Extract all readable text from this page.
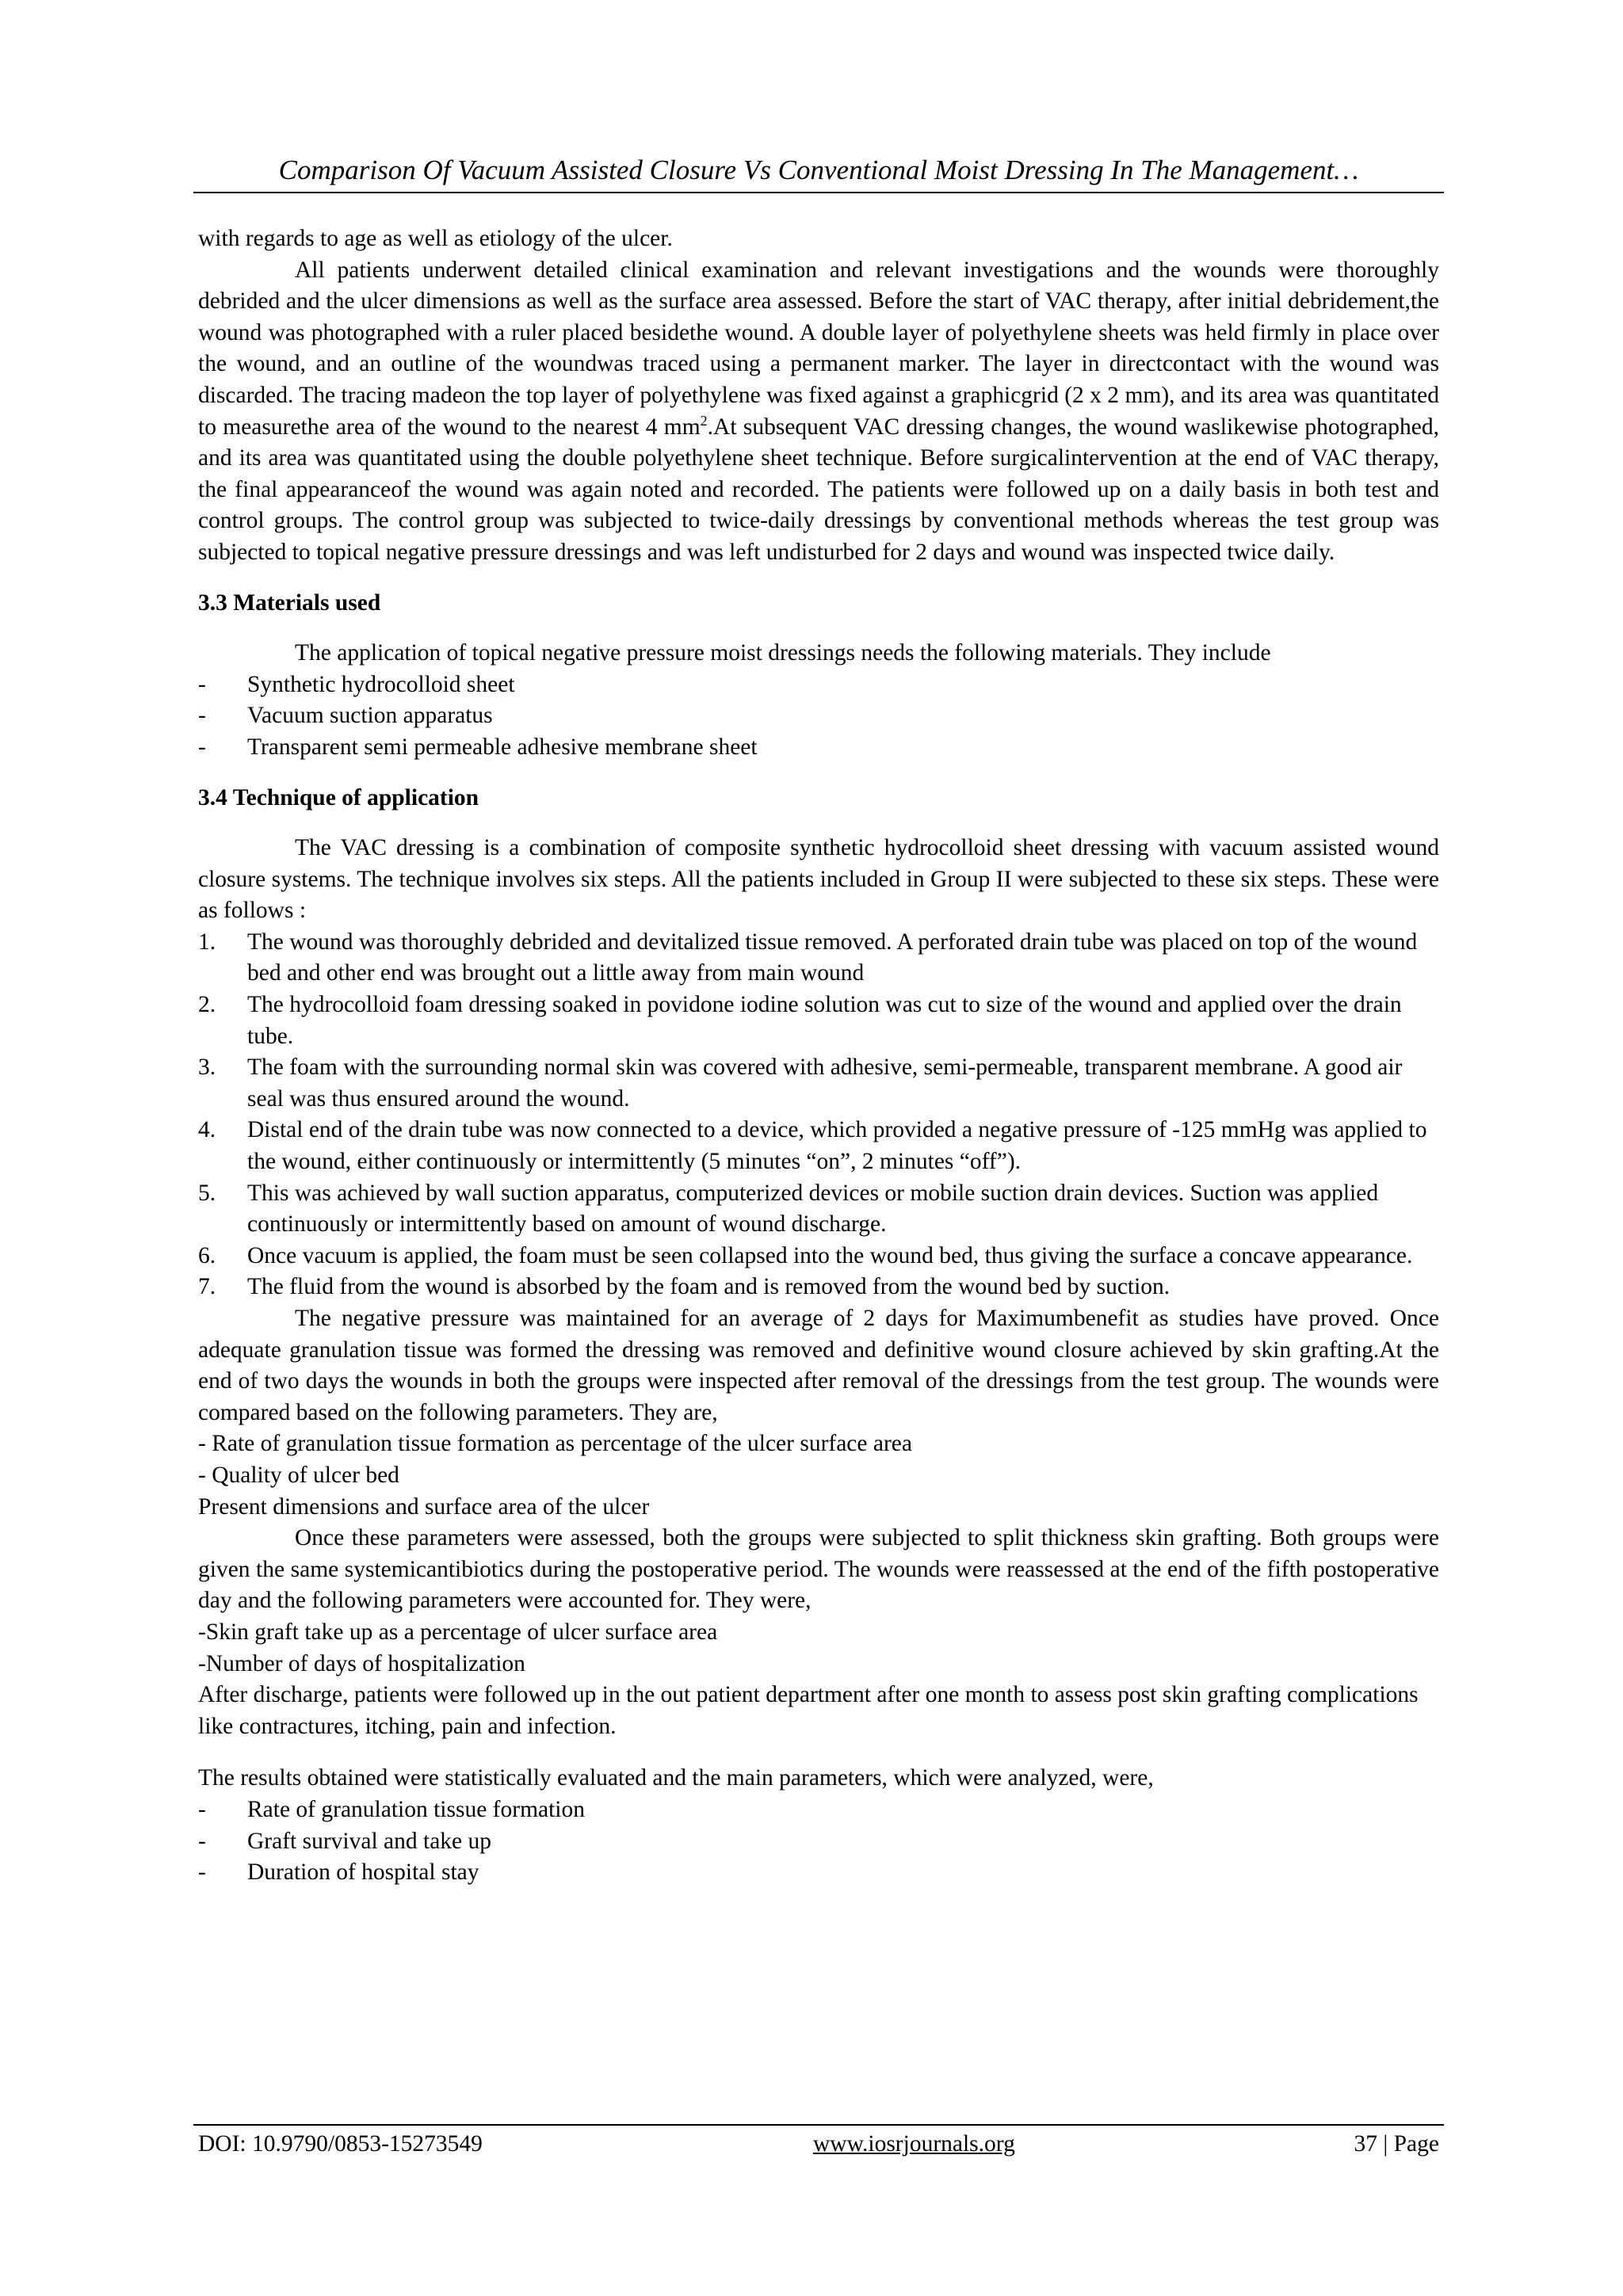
Comparison Of Vacuum Assisted Closure Vs Conventional Moist Dressing In The Management…

with regards to age as well as etiology of the ulcer.

All patients underwent detailed clinical examination and relevant investigations and the wounds were thoroughly debrided and the ulcer dimensions as well as the surface area assessed. Before the start of VAC therapy, after initial debridement,the wound was photographed with a ruler placed besidethe wound. A double layer of polyethylene sheets was held firmly in place over the wound, and an outline of the woundwas traced using a permanent marker. The layer in directcontact with the wound was discarded. The tracing madeon the top layer of polyethylene was fixed against a graphicgrid (2 x 2 mm), and its area was quantitated to measurethe area of the wound to the nearest 4 $mm^2.At$ subsequent VAC dressing changes, the wound waslikewise photographed, and its area was quantitated using the double polyethylene sheet technique. Before surgicalintervention at the end of VAC therapy, the final appearanceof the wound was again noted and recorded. The patients were followed up on a daily basis in both test and control groups. The control group was subjected to twice-daily dressings by conventional methods whereas the test group was subjected to topical negative pressure dressings and was left undisturbed for 2 days and wound was inspected twice daily.

3.3 Materials used

The application of topical negative pressure moist dressings needs the following materials. They include

-	Synthetic hydrocolloid sheet
-	Vacuum suction apparatus
-	Transparent semi permeable adhesive membrane sheet

3.4 Technique of application

The VAC dressing is a combination of composite synthetic hydrocolloid sheet dressing with vacuum assisted wound closure systems. The technique involves six steps. All the patients included in Group II were subjected to these six steps. These were as follows :

1.	The wound was thoroughly debrided and devitalized tissue removed. A perforated drain tube was placed on top of the wound bed and other end was brought out a little away from main wound
2.	The hydrocolloid foam dressing soaked in povidone iodine solution was cut to size of the wound and applied over the drain tube.
3.	The foam with the surrounding normal skin was covered with adhesive, semi-permeable, transparent membrane. A good air seal was thus ensured around the wound.
4.	Distal end of the drain tube was now connected to a device, which provided a negative pressure of -125 mmHg was applied to the wound, either continuously or intermittently (5 minutes “on”, 2 minutes “off”).
5.	This was achieved by wall suction apparatus, computerized devices or mobile suction drain devices. Suction was applied continuously or intermittently based on amount of wound discharge.
6.	Once vacuum is applied, the foam must be seen collapsed into the wound bed, thus giving the surface a concave appearance.
7.	The fluid from the wound is absorbed by the foam and is removed from the wound bed by suction.

The negative pressure was maintained for an average of 2 days for Maximumbenefit as studies have proved. Once adequate granulation tissue was formed the dressing was removed and definitive wound closure achieved by skin grafting.At the end of two days the wounds in both the groups were inspected after removal of the dressings from the test group. The wounds were compared based on the following parameters. They are,

- Rate of granulation tissue formation as percentage of the ulcer surface area

- Quality of ulcer bed

Present dimensions and surface area of the ulcer

Once these parameters were assessed, both the groups were subjected to split thickness skin grafting. Both groups were given the same systemicantibiotics during the postoperative period. The wounds were reassessed at the end of the fifth postoperative day and the following parameters were accounted for. They were,

-Skin graft take up as a percentage of ulcer surface area

-Number of days of hospitalization

After discharge, patients were followed up in the out patient department after one month to assess post skin grafting complications like contractures, itching, pain and infection.

The results obtained were statistically evaluated and the main parameters, which were analyzed, were,

-	Rate of granulation tissue formation
-	Graft survival and take up
-	Duration of hospital stay
DOI: 10.9790/0853-15273549	www.iosrjournals.org	37 | Page
